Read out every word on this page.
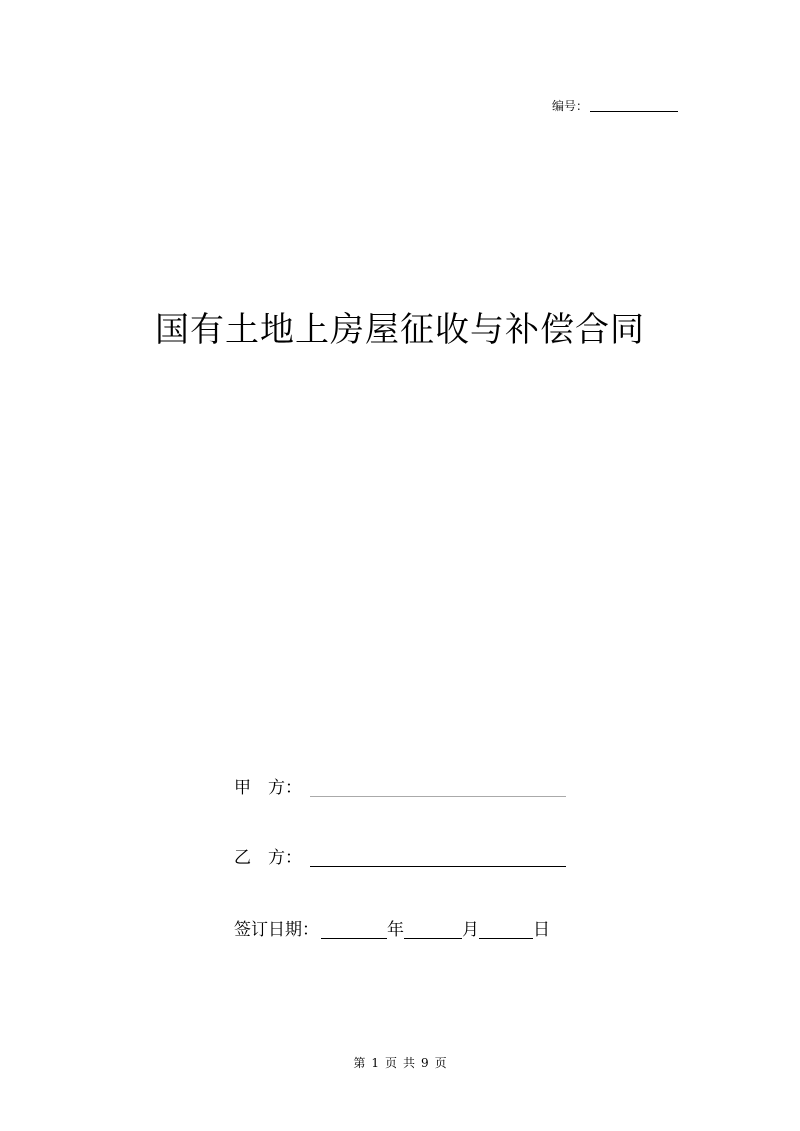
编号：
国有土地上房屋征收与补偿合同
甲　方：
乙　方：
签订日期：	年	月	日
第 1 页 共 9 页
